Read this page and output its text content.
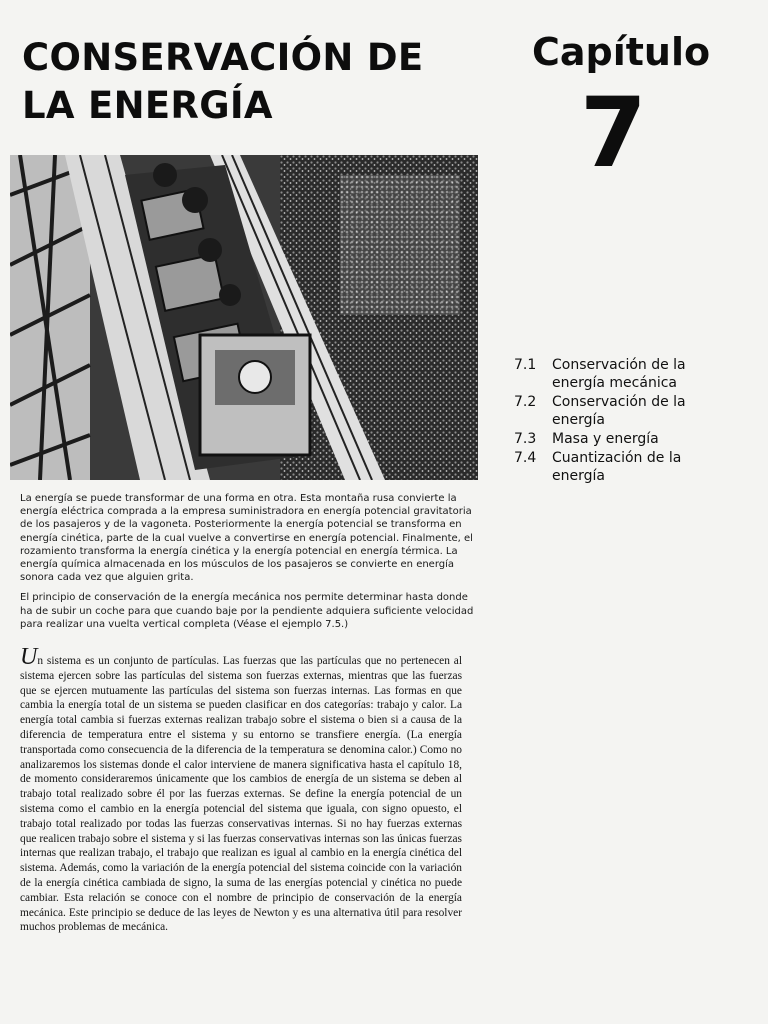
CONSERVACIÓN DE LA ENERGÍA
Capítulo
7
7.1	Conservación de la energía mecánica
7.2	Conservación de la energía
7.3	Masa y energía
7.4	Cuantización de la energía

La energía se puede transformar de una forma en otra. Esta montaña rusa convierte la energía eléctrica comprada a la empresa suministradora en energía potencial gravitatoria de los pasajeros y de la vagoneta. Posteriormente la energía potencial se transforma en energía cinética, parte de la cual vuelve a convertirse en energía potencial. Finalmente, el rozamiento transforma la energía cinética y la energía potencial en energía térmica. La energía química almacenada en los músculos de los pasajeros se convierte en energía sonora cada vez que alguien grita.

El principio de conservación de la energía mecánica nos permite determinar hasta donde ha de subir un coche para que cuando baje por la pendiente adquiera suficiente velocidad para realizar una vuelta vertical completa (Véase el ejemplo 7.5.)

Un sistema es un conjunto de partículas. Las fuerzas que las partículas que no pertenecen al sistema ejercen sobre las partículas del sistema son fuerzas externas, mientras que las fuerzas que se ejercen mutuamente las partículas del sistema son fuerzas internas. Las formas en que cambia la energía total de un sistema se pueden clasificar en dos categorías: trabajo y calor. La energía total cambia si fuerzas externas realizan trabajo sobre el sistema o bien si a causa de la diferencia de temperatura entre el sistema y su entorno se transfiere energía. (La energía transportada como consecuencia de la diferencia de la temperatura se denomina calor.) Como no analizaremos los sistemas donde el calor interviene de manera significativa hasta el capítulo 18, de momento consideraremos únicamente que los cambios de energía de un sistema se deben al trabajo total realizado sobre él por las fuerzas externas. Se define la energía potencial de un sistema como el cambio en la energía potencial del sistema que iguala, con signo opuesto, el trabajo total realizado por todas las fuerzas conservativas internas. Si no hay fuerzas externas que realicen trabajo sobre el sistema y si las fuerzas conservativas internas son las únicas fuerzas internas que realizan trabajo, el trabajo que realizan es igual al cambio en la energía cinética del sistema. Además, como la variación de la energía potencial del sistema coincide con la variación de la energía cinética cambiada de signo, la suma de las energías potencial y cinética no puede cambiar. Esta relación se conoce con el nombre de principio de conservación de la energía mecánica. Este principio se deduce de las leyes de Newton y es una alternativa útil para resolver muchos problemas de mecánica.
